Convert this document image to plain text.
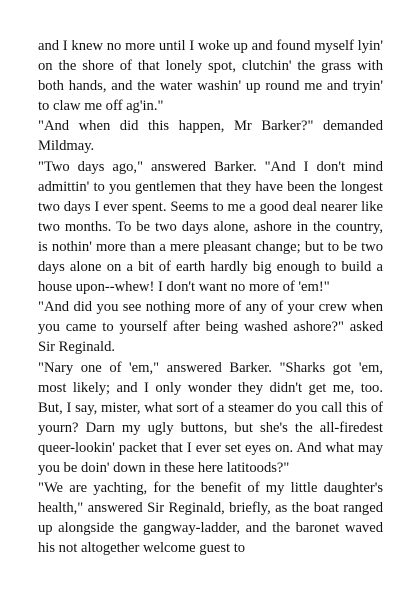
and I knew no more until I woke up and found myself lyin' on the shore of that lonely spot, clutchin' the grass with both hands, and the water washin' up round me and tryin' to claw me off ag'in."

"And when did this happen, Mr Barker?" demanded Mildmay.

"Two days ago," answered Barker. "And I don't mind admittin' to you gentlemen that they have been the longest two days I ever spent. Seems to me a good deal nearer like two months. To be two days alone, ashore in the country, is nothin' more than a mere pleasant change; but to be two days alone on a bit of earth hardly big enough to build a house upon--whew! I don't want no more of 'em!"

"And did you see nothing more of any of your crew when you came to yourself after being washed ashore?" asked Sir Reginald.

"Nary one of 'em," answered Barker. "Sharks got 'em, most likely; and I only wonder they didn't get me, too. But, I say, mister, what sort of a steamer do you call this of yourn? Darn my ugly buttons, but she's the all-firedest queer-lookin' packet that I ever set eyes on. And what may you be doin' down in these here latitoods?"

"We are yachting, for the benefit of my little daughter's health," answered Sir Reginald, briefly, as the boat ranged up alongside the gangway-ladder, and the baronet waved his not altogether welcome guest to
